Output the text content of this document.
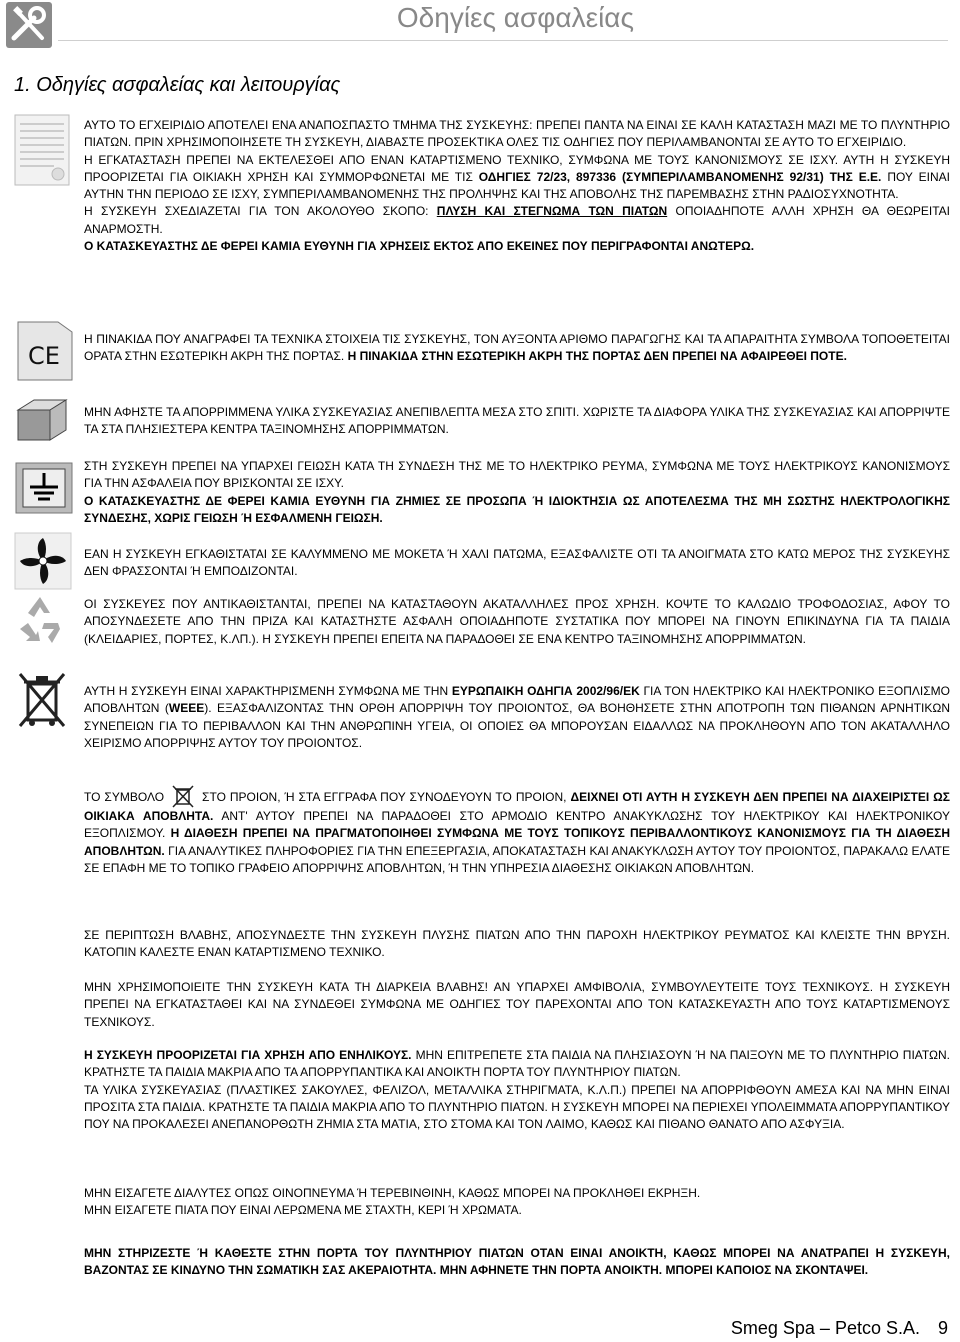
Οδηγίες ασφαλείας
1. Οδηγίες ασφαλείας και λειτουργίας
CE

ΑΥΤΟ ΤΟ ΕΓΧΕΙΡΙΔΙΟ ΑΠΟΤΕΛΕΙ ΕΝΑ ΑΝΑΠΟΣΠΑΣΤΟ ΤΜΗΜΑ ΤΗΣ ΣΥΣΚΕΥΗΣ: ΠΡΕΠΕΙ ΠΑΝΤΑ ΝΑ ΕΙΝΑΙ ΣΕ ΚΑΛΗ ΚΑΤΑΣΤΑΣΗ ΜΑΖΙ ΜΕ ΤΟ ΠΛΥΝΤΗΡΙΟ ΠΙΑΤΩΝ. ΠΡΙΝ ΧΡΗΣΙΜΟΠΟΙΗΣΕΤΕ ΤΗ ΣΥΣΚΕΥΗ, ΔΙΑΒΑΣΤΕ ΠΡΟΣΕΚΤΙΚΑ ΟΛΕΣ ΤΙΣ ΟΔΗΓΙΕΣ ΠΟΥ ΠΕΡΙΛΑΜΒΑΝΟΝΤΑΙ ΣΕ ΑΥΤΟ ΤΟ ΕΓΧΕΙΡΙΔΙΟ.

Η ΕΓΚΑΤΑΣΤΑΣΗ ΠΡΕΠΕΙ ΝΑ ΕΚΤΕΛΕΣΘΕΙ ΑΠΟ ΕΝΑΝ ΚΑΤΑΡΤΙΣΜΕΝΟ ΤΕΧΝΙΚΟ, ΣΥΜΦΩΝΑ ΜΕ ΤΟΥΣ ΚΑΝΟΝΙΣΜΟΥΣ ΣΕ ΙΣΧΥ. ΑΥΤΗ Η ΣΥΣΚΕΥΗ ΠΡΟΟΡΙΖΕΤΑΙ ΓΙΑ ΟΙΚΙΑΚΗ ΧΡΗΣΗ ΚΑΙ ΣΥΜΜΟΡΦΩΝΕΤΑΙ ΜΕ ΤΙΣ ΟΔΗΓΙΕΣ 72/23, 897336 (ΣΥΜΠΕΡΙΛΑΜΒΑΝΟΜΕΝΗΣ 92/31) ΤΗΣ Ε.Ε. ΠΟΥ ΕΙΝΑΙ ΑΥΤΗΝ ΤΗΝ ΠΕΡΙΟΔΟ ΣΕ ΙΣΧΥ, ΣΥΜΠΕΡΙΛΑΜΒΑΝΟΜΕΝΗΣ ΤΗΣ ΠΡΟΛΗΨΗΣ ΚΑΙ ΤΗΣ ΑΠΟΒΟΛΗΣ ΤΗΣ ΠΑΡΕΜΒΑΣΗΣ ΣΤΗΝ ΡΑΔΙΟΣΥΧΝΟΤΗΤΑ.

Η ΣΥΣΚΕΥΗ ΣΧΕΔΙΑΖΕΤΑΙ ΓΙΑ ΤΟΝ ΑΚΟΛΟΥΘΟ ΣΚΟΠΟ: ΠΛΥΣΗ ΚΑΙ ΣΤΕΓΝΩΜΑ ΤΩΝ ΠΙΑΤΩΝ ΟΠΟΙΑΔΗΠΟΤΕ ΑΛΛΗ ΧΡΗΣΗ ΘΑ ΘΕΩΡΕΙΤΑΙ ΑΝΑΡΜΟΣΤΗ.

Ο ΚΑΤΑΣΚΕΥΑΣΤΗΣ ΔΕ ΦΕΡΕΙ ΚΑΜΙΑ ΕΥΘΥΝΗ ΓΙΑ ΧΡΗΣΕΙΣ ΕΚΤΟΣ ΑΠΟ ΕΚΕΙΝΕΣ ΠΟΥ ΠΕΡΙΓΡΑΦΟΝΤΑΙ ΑΝΩΤΕΡΩ.

Η ΠΙΝΑΚΙΔΑ ΠΟΥ ΑΝΑΓΡΑΦΕΙ ΤΑ ΤΕΧΝΙΚΑ ΣΤΟΙΧΕΙΑ ΤΙΣ ΣΥΣΚΕΥΗΣ, ΤΟΝ ΑΥΞΟΝΤΑ ΑΡΙΘΜΟ ΠΑΡΑΓΩΓΗΣ ΚΑΙ ΤΑ ΑΠΑΡΑΙΤΗΤΑ ΣΥΜΒΟΛΑ ΤΟΠΟΘΕΤΕΙΤΑΙ ΟΡΑΤΑ ΣΤΗΝ ΕΣΩΤΕΡΙΚΗ ΑΚΡΗ ΤΗΣ ΠΟΡΤΑΣ. Η ΠΙΝΑΚΙΔΑ ΣΤΗΝ ΕΣΩΤΕΡΙΚΗ ΑΚΡΗ ΤΗΣ ΠΟΡΤΑΣ ΔΕΝ ΠΡΕΠΕΙ ΝΑ ΑΦΑΙΡΕΘΕΙ ΠΟΤΕ.

ΜΗΝ ΑΦΗΣΤΕ ΤΑ ΑΠΟΡΡΙΜΜΕΝΑ ΥΛΙΚΑ ΣΥΣΚΕΥΑΣΙΑΣ ΑΝΕΠΙΒΛΕΠΤΑ ΜΕΣΑ ΣΤΟ ΣΠΙΤΙ. ΧΩΡΙΣΤΕ ΤΑ ΔΙΑΦΟΡΑ ΥΛΙΚΑ ΤΗΣ ΣΥΣΚΕΥΑΣΙΑΣ ΚΑΙ ΑΠΟΡΡΙΨΤΕ ΤΑ ΣΤΑ ΠΛΗΣΙΕΣΤΕΡΑ ΚΕΝΤΡΑ ΤΑΞΙΝΟΜΗΣΗΣ ΑΠΟΡΡΙΜΜΑΤΩΝ.

ΣΤΗ ΣΥΣΚΕΥΗ ΠΡΕΠΕΙ ΝΑ ΥΠΑΡΧΕΙ ΓΕΙΩΣΗ ΚΑΤΑ ΤΗ ΣΥΝΔΕΣΗ ΤΗΣ ΜΕ ΤΟ ΗΛΕΚΤΡΙΚΟ ΡΕΥΜΑ, ΣΥΜΦΩΝΑ ΜΕ ΤΟΥΣ ΗΛΕΚΤΡΙΚΟΥΣ ΚΑΝΟΝΙΣΜΟΥΣ ΓΙΑ ΤΗΝ ΑΣΦΑΛΕΙΑ ΠΟΥ ΒΡΙΣΚΟΝΤΑΙ ΣΕ ΙΣΧΥ.

Ο ΚΑΤΑΣΚΕΥΑΣΤΗΣ ΔΕ ΦΕΡΕΙ ΚΑΜΙΑ ΕΥΘΥΝΗ ΓΙΑ ΖΗΜΙΕΣ ΣΕ ΠΡΟΣΩΠΑ Ή ΙΔΙΟΚΤΗΣΙΑ ΩΣ ΑΠΟΤΕΛΕΣΜΑ ΤΗΣ ΜΗ ΣΩΣΤΗΣ ΗΛΕΚΤΡΟΛΟΓΙΚΗΣ ΣΥΝΔΕΣΗΣ, ΧΩΡΙΣ ΓΕΙΩΣΗ Ή ΕΣΦΑΛΜΕΝΗ ΓΕΙΩΣΗ.

ΕΑΝ Η ΣΥΣΚΕΥΗ ΕΓΚΑΘΙΣΤΑΤΑΙ ΣΕ ΚΑΛΥΜΜΕΝΟ ΜΕ ΜΟΚΕΤΑ Ή ΧΑΛΙ ΠΑΤΩΜΑ, ΕΞΑΣΦΑΛΙΣΤΕ ΟΤΙ ΤΑ ΑΝΟΙΓΜΑΤΑ ΣΤΟ ΚΑΤΩ ΜΕΡΟΣ ΤΗΣ ΣΥΣΚΕΥΗΣ ΔΕΝ ΦΡΑΣΣΟΝΤΑΙ Ή ΕΜΠΟΔΙΖΟΝΤΑΙ.

ΟΙ ΣΥΣΚΕΥΕΣ ΠΟΥ ΑΝΤΙΚΑΘΙΣΤΑΝΤΑΙ, ΠΡΕΠΕΙ ΝΑ ΚΑΤΑΣΤΑΘΟΥΝ ΑΚΑΤΑΛΛΗΛΕΣ ΠΡΟΣ ΧΡΗΣΗ. ΚΟΨΤΕ ΤΟ ΚΑΛΩΔΙΟ ΤΡΟΦΟΔΟΣΙΑΣ, ΑΦΟΥ ΤΟ ΑΠΟΣΥΝΔΕΣΕΤΕ ΑΠΟ ΤΗΝ ΠΡΙΖΑ ΚΑΙ ΚΑΤΑΣΤΗΣΤΕ ΑΣΦΑΛΗ ΟΠΟΙΑΔΗΠΟΤΕ ΣΥΣΤΑΤΙΚΑ ΠΟΥ ΜΠΟΡΕΙ ΝΑ ΓΙΝΟΥΝ ΕΠΙΚΙΝΔΥΝΑ ΓΙΑ ΤΑ ΠΑΙΔΙΑ (ΚΛΕΙΔΑΡΙΕΣ, ΠΟΡΤΕΣ, Κ.ΛΠ.). Η ΣΥΣΚΕΥΗ ΠΡΕΠΕΙ ΕΠΕΙΤΑ ΝΑ ΠΑΡΑΔΟΘΕΙ ΣΕ ΕΝΑ ΚΕΝΤΡΟ ΤΑΞΙΝΟΜΗΣΗΣ ΑΠΟΡΡΙΜΜΑΤΩΝ.

ΑΥΤΗ Η ΣΥΣΚΕΥΗ ΕΙΝΑΙ ΧΑΡΑΚΤΗΡΙΣΜΕΝΗ ΣΥΜΦΩΝΑ ΜΕ ΤΗΝ ΕΥΡΩΠΑΙΚΗ ΟΔΗΓΙΑ 2002/96/ΕΚ ΓΙΑ ΤΟΝ ΗΛΕΚΤΡΙΚΟ ΚΑΙ ΗΛΕΚΤΡΟΝΙΚΟ ΕΞΟΠΛΙΣΜΟ ΑΠΟΒΛΗΤΩΝ (WEEE). ΕΞΑΣΦΑΛΙΖΟΝΤΑΣ ΤΗΝ ΟΡΘΗ ΑΠΟΡΡΙΨΗ ΤΟΥ ΠΡΟΙΟΝΤΟΣ, ΘΑ ΒΟΗΘΗΣΕΤΕ ΣΤΗΝ ΑΠΟΤΡΟΠΗ ΤΩΝ ΠΙΘΑΝΩΝ ΑΡΝΗΤΙΚΩΝ ΣΥΝΕΠΕΙΩΝ ΓΙΑ ΤΟ ΠΕΡΙΒΑΛΛΟΝ ΚΑΙ ΤΗΝ ΑΝΘΡΩΠΙΝΗ ΥΓΕΙΑ, ΟΙ ΟΠΟΙΕΣ ΘΑ ΜΠΟΡΟΥΣΑΝ ΕΙΔΑΛΛΩΣ ΝΑ ΠΡΟΚΛΗΘΟΥΝ ΑΠΟ ΤΟΝ ΑΚΑΤΑΛΛΗΛΟ ΧΕΙΡΙΣΜΟ ΑΠΟΡΡΙΨΗΣ ΑΥΤΟΥ ΤΟΥ ΠΡΟΙΟΝΤΟΣ.

ΤΟ ΣΥΜΒΟΛΟ	ΣΤΟ ΠΡΟΙΟΝ, Ή ΣΤΑ ΕΓΓΡΑΦΑ ΠΟΥ ΣΥΝΟΔΕΥΟΥΝ ΤΟ ΠΡΟΙΟΝ, ΔΕΙΧΝΕΙ ΟΤΙ ΑΥΤΗ Η ΣΥΣΚΕΥΗ ΔΕΝ ΠΡΕΠΕΙ ΝΑ ΔΙΑΧΕΙΡΙΣΤΕΙ ΩΣ ΟΙΚΙΑΚΑ ΑΠΟΒΛΗΤΑ. ΑΝΤ' ΑΥΤΟΥ ΠΡΕΠΕΙ ΝΑ ΠΑΡΑΔΟΘΕΙ ΣΤΟ ΑΡΜΟΔΙΟ ΚΕΝΤΡΟ ΑΝΑΚΥΚΛΩΣΗΣ ΤΟΥ ΗΛΕΚΤΡΙΚΟΥ ΚΑΙ ΗΛΕΚΤΡΟΝΙΚΟΥ ΕΞΟΠΛΙΣΜΟΥ. Η ΔΙΑΘΕΣΗ ΠΡΕΠΕΙ ΝΑ ΠΡΑΓΜΑΤΟΠΟΙΗΘΕΙ ΣΥΜΦΩΝΑ ΜΕ ΤΟΥΣ ΤΟΠΙΚΟΥΣ ΠΕΡΙΒΑΛΛΟΝΤΙΚΟΥΣ ΚΑΝΟΝΙΣΜΟΥΣ ΓΙΑ ΤΗ ΔΙΑΘΕΣΗ ΑΠΟΒΛΗΤΩΝ. ΓΙΑ ΑΝΑΛΥΤΙΚΕΣ ΠΛΗΡΟΦΟΡΙΕΣ ΓΙΑ ΤΗΝ ΕΠΕΞΕΡΓΑΣΙΑ, ΑΠΟΚΑΤΑΣΤΑΣΗ ΚΑΙ ΑΝΑΚΥΚΛΩΣΗ ΑΥΤΟΥ ΤΟΥ ΠΡΟΙΟΝΤΟΣ, ΠΑΡΑΚΑΛΩ ΕΛΑΤΕ ΣΕ ΕΠΑΦΗ ΜΕ ΤΟ ΤΟΠΙΚΟ ΓΡΑΦΕΙΟ ΑΠΟΡΡΙΨΗΣ ΑΠΟΒΛΗΤΩΝ, Ή ΤΗΝ ΥΠΗΡΕΣΙΑ ΔΙΑΘΕΣΗΣ ΟΙΚΙΑΚΩΝ ΑΠΟΒΛΗΤΩΝ.

ΣΕ ΠΕΡΙΠΤΩΣΗ ΒΛΑΒΗΣ, ΑΠΟΣΥΝΔΕΣΤΕ ΤΗΝ ΣΥΣΚΕΥΗ ΠΛΥΣΗΣ ΠΙΑΤΩΝ ΑΠΟ ΤΗΝ ΠΑΡΟΧΗ ΗΛΕΚΤΡΙΚΟΥ ΡΕΥΜΑΤΟΣ ΚΑΙ ΚΛΕΙΣΤΕ ΤΗΝ ΒΡΥΣΗ. ΚΑΤΟΠΙΝ ΚΑΛΕΣΤΕ ΕΝΑΝ ΚΑΤΑΡΤΙΣΜΕΝΟ ΤΕΧΝΙΚΟ.

ΜΗΝ ΧΡΗΣΙΜΟΠΟΙΕΙΤΕ ΤΗΝ ΣΥΣΚΕΥΗ ΚΑΤΑ ΤΗ ΔΙΑΡΚΕΙΑ ΒΛΑΒΗΣ! ΑΝ ΥΠΑΡΧΕΙ ΑΜΦΙΒΟΛΙΑ, ΣΥΜΒΟΥΛΕΥΤΕΙΤΕ ΤΟΥΣ ΤΕΧΝΙΚΟΥΣ. Η ΣΥΣΚΕΥΗ ΠΡΕΠΕΙ ΝΑ ΕΓΚΑΤΑΣΤΑΘΕΙ ΚΑΙ ΝΑ ΣΥΝΔΕΘΕΙ ΣΥΜΦΩΝΑ ΜΕ ΟΔΗΓΙΕΣ ΤΟΥ ΠΑΡΕΧΟΝΤΑΙ ΑΠΟ ΤΟΝ ΚΑΤΑΣΚΕΥΑΣΤΗ ΑΠΟ ΤΟΥΣ ΚΑΤΑΡΤΙΣΜΕΝΟΥΣ ΤΕΧΝΙΚΟΥΣ.

Η ΣΥΣΚΕΥΗ ΠΡΟΟΡΙΖΕΤΑΙ ΓΙΑ ΧΡΗΣΗ ΑΠΟ ΕΝΗΛΙΚΟΥΣ. ΜΗΝ ΕΠΙΤΡΕΠΕΤΕ ΣΤΑ ΠΑΙΔΙΑ ΝΑ ΠΛΗΣΙΑΣΟΥΝ Ή ΝΑ ΠΑΙΞΟΥΝ ΜΕ ΤΟ ΠΛΥΝΤΗΡΙΟ ΠΙΑΤΩΝ. ΚΡΑΤΗΣΤΕ ΤΑ ΠΑΙΔΙΑ ΜΑΚΡΙΑ ΑΠΟ ΤΑ ΑΠΟΡΡΥΠΑΝΤΙΚΑ ΚΑΙ ΑΝΟΙΚΤΗ ΠΟΡΤΑ ΤΟΥ ΠΛΥΝΤΗΡΙΟΥ ΠΙΑΤΩΝ.

ΤΑ ΥΛΙΚΑ ΣΥΣΚΕΥΑΣΙΑΣ (ΠΛΑΣΤΙΚΕΣ ΣΑΚΟΥΛΕΣ, ΦΕΛΙΖΟΛ, ΜΕΤΑΛΛΙΚΑ ΣΤΗΡΙΓΜΑΤΑ, Κ.Λ.Π.) ΠΡΕΠΕΙ ΝΑ ΑΠΟΡΡΙΦΘΟΥΝ ΑΜΕΣΑ ΚΑΙ ΝΑ ΜΗΝ ΕΙΝΑΙ ΠΡΟΣΙΤΑ ΣΤΑ ΠΑΙΔΙΑ. ΚΡΑΤΗΣΤΕ ΤΑ ΠΑΙΔΙΑ ΜΑΚΡΙΑ ΑΠΟ ΤΟ ΠΛΥΝΤΗΡΙΟ ΠΙΑΤΩΝ. Η ΣΥΣΚΕΥΗ ΜΠΟΡΕΙ ΝΑ ΠΕΡΙΕΧΕΙ ΥΠΟΛΕΙΜΜΑΤΑ ΑΠΟΡΡΥΠΑΝΤΙΚΟΥ ΠΟΥ ΝΑ ΠΡΟΚΑΛΕΣΕΙ ΑΝΕΠΑΝΟΡΘΩΤΗ ΖΗΜΙΑ ΣΤΑ ΜΑΤΙΑ, ΣΤΟ ΣΤΟΜΑ ΚΑΙ ΤΟΝ ΛΑΙΜΟ, ΚΑΘΩΣ ΚΑΙ ΠΙΘΑΝΟ ΘΑΝΑΤΟ ΑΠΟ ΑΣΦΥΞΙΑ.

ΜΗΝ ΕΙΣΑΓΕΤΕ ΔΙΑΛΥΤΕΣ ΟΠΩΣ ΟΙΝΟΠΝΕΥΜΑ Ή ΤΕΡΕΒΙΝΘΙΝΗ, ΚΑΘΩΣ ΜΠΟΡΕΙ ΝΑ ΠΡΟΚΛΗΘΕΙ ΕΚΡΗΞΗ.

ΜΗΝ ΕΙΣΑΓΕΤΕ ΠΙΑΤΑ ΠΟΥ ΕΙΝΑΙ ΛΕΡΩΜΕΝΑ ΜΕ ΣΤΑΧΤΗ, ΚΕΡΙ Ή ΧΡΩΜΑΤΑ.

ΜΗΝ ΣΤΗΡΙΖΕΣΤΕ Ή ΚΑΘΕΣΤΕ ΣΤΗΝ ΠΟΡΤΑ ΤΟΥ ΠΛΥΝΤΗΡΙΟΥ ΠΙΑΤΩΝ ΟΤΑΝ ΕΙΝΑΙ ΑΝΟΙΚΤΗ, ΚΑΘΩΣ ΜΠΟΡΕΙ ΝΑ ΑΝΑΤΡΑΠΕΙ Η ΣΥΣΚΕΥΗ, ΒΑΖΟΝΤΑΣ ΣΕ ΚΙΝΔΥΝΟ ΤΗΝ ΣΩΜΑΤΙΚΗ ΣΑΣ ΑΚΕΡΑΙΟΤΗΤΑ. ΜΗΝ ΑΦΗΝΕΤΕ ΤΗΝ ΠΟΡΤΑ ΑΝΟΙΚΤΗ. ΜΠΟΡΕΙ ΚΑΠΟΙΟΣ ΝΑ ΣΚΟΝΤΑΨΕΙ.

Smeg Spa – Petco S.A. 9
